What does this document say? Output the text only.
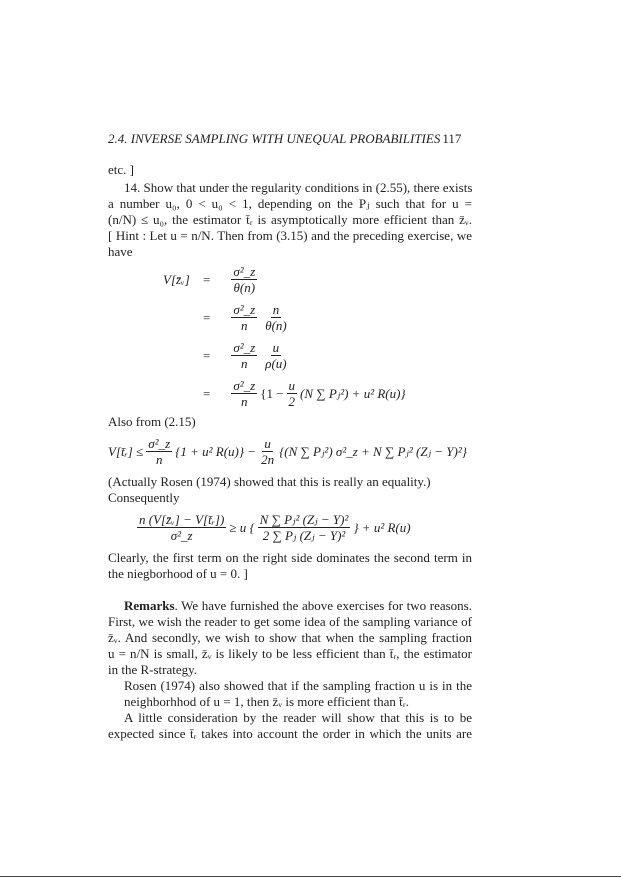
2.4. INVERSE SAMPLING WITH UNEQUAL PROBABILITIES 117
etc. ]
14. Show that under the regularity conditions in (2.55), there exists
a number u₀, 0 < u₀ < 1, depending on the Pⱼ such that for u =
(n/N) ≤ u₀, the estimator t̄ᵣ is asymptotically more efficient than z̄ᵥ.
[ Hint : Let u = n/N. Then from (3.15) and the preceding exercise, we
have
V[z̄ᵥ]	= $\frac{\text{σ²\_z}}{\theta(n)}$
= $\frac{\text{σ²\_z}}{n} \frac{n}{\theta(n)}$
= $\frac{\text{σ²\_z}}{n} \frac{u}{\rho(u)}$
= $\frac{\text{σ²\_z}}{n} \{1 - \frac{u}{2} (N$ ∑ Pⱼ²) + u² R(u)}
Also from (2.15)
V[t̄ᵣ] ≤ $\frac{\text{σ²\_z}}{n} \{1 + u^2$ $R(u)\} - \frac{u}{2n} \{(N$ ∑ Pⱼ²) σ²_z + N ∑ Pⱼ² (Zⱼ − Y)²}
(Actually Rosen (1974) showed that this is really an equality.)
Consequently
$\frac{\text{n (V[z̄ᵥ] − V[t̄ᵣ])}}{\text{σ²\_z}} \ge u$ { $\frac{\text{N ∑ Pⱼ² (Zⱼ − Y)²}}{\text{2 ∑ Pⱼ (Zⱼ − Y)²}}$ } + u² R(u)
Clearly, the first term on the right side dominates the second term in
the niegborhood of u = 0. ]
Remarks. We have furnished the above exercises for two reasons.
First, we wish the reader to get some idea of the sampling variance of
z̄ᵥ. And secondly, we wish to show that when the sampling fraction
u = n/N is small, z̄ᵥ is likely to be less efficient than t̄ᵣ, the estimator
in the R-strategy.
Rosen (1974) also showed that if the sampling fraction u is in the
neighborhhod of u = 1, then z̄ᵥ is more efficient than t̄ᵣ.
A little consideration by the reader will show that this is to be
expected since t̄ᵣ takes into account the order in which the units are
